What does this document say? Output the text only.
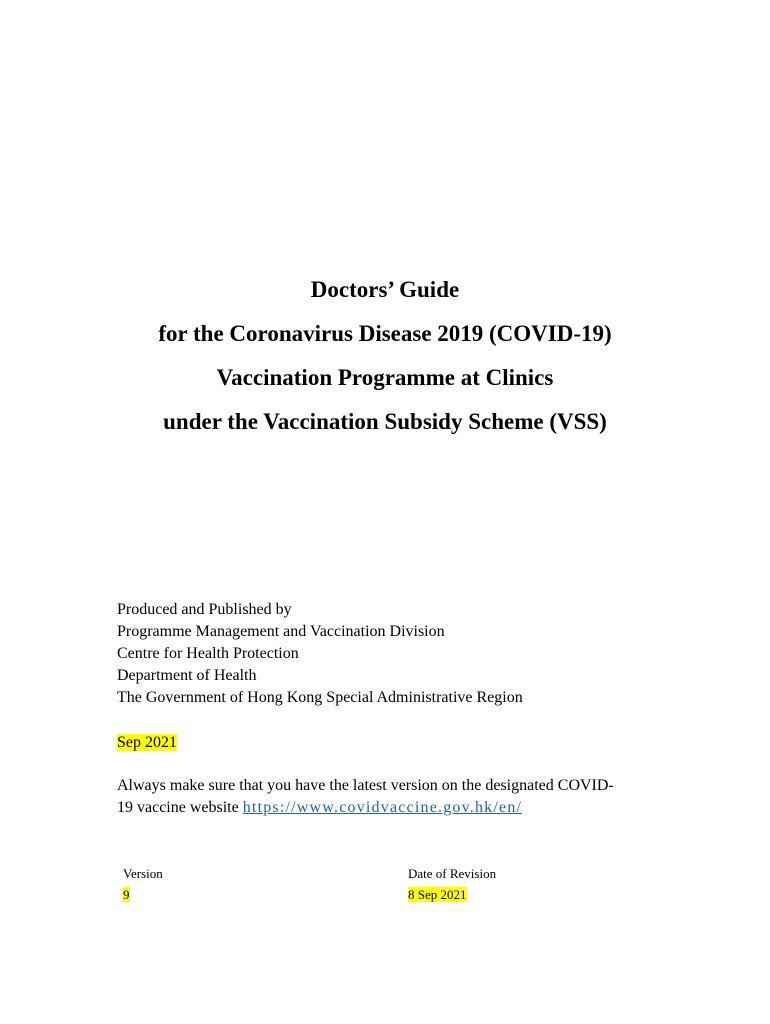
Doctors’ Guide

for the Coronavirus Disease 2019 (COVID-19)

Vaccination Programme at Clinics

under the Vaccination Subsidy Scheme (VSS)

Produced and Published by
Programme Management and Vaccination Division
Centre for Health Protection
Department of Health
The Government of Hong Kong Special Administrative Region
Sep 2021
Always make sure that you have the latest version on the designated COVID-
19 vaccine website https://www.covidvaccine.gov.hk/en/
Version
9
Date of Revision
8 Sep 2021
